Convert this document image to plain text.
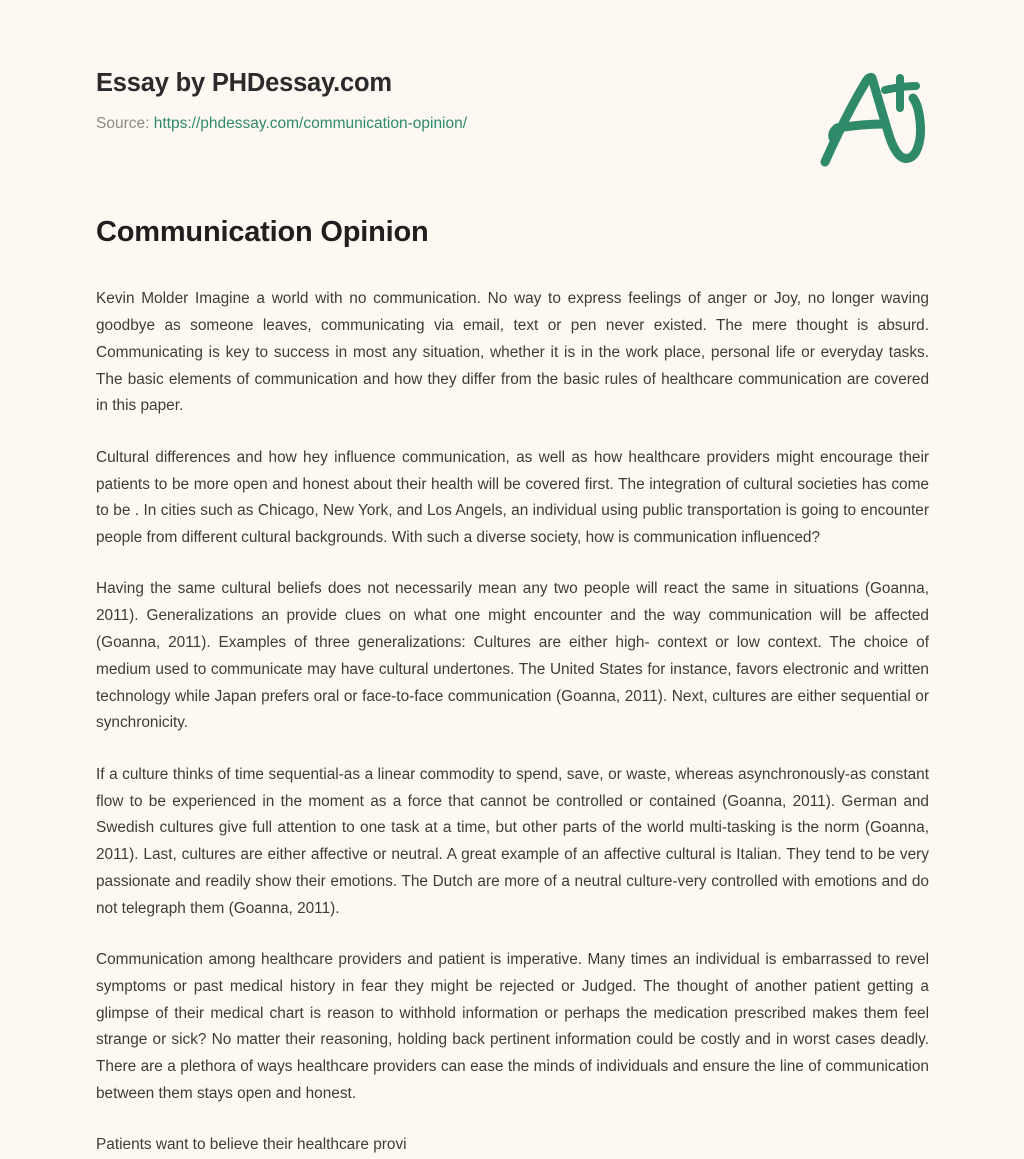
Essay by PHDessay.com
Source: https://phdessay.com/communication-opinion/
Communication Opinion

Kevin Molder Imagine a world with no communication. No way to express feelings of anger or Joy, no longer waving goodbye as someone leaves, communicating via email, text or pen never existed. The mere thought is absurd. Communicating is key to success in most any situation, whether it is in the work place, personal life or everyday tasks. The basic elements of communication and how they differ from the basic rules of healthcare communication are covered in this paper.

Cultural differences and how hey influence communication, as well as how healthcare providers might encourage their patients to be more open and honest about their health will be covered first. The integration of cultural societies has come to be . In cities such as Chicago, New York, and Los Angels, an individual using public transportation is going to encounter people from different cultural backgrounds. With such a diverse society, how is communication influenced?

Having the same cultural beliefs does not necessarily mean any two people will react the same in situations (Goanna, 2011). Generalizations an provide clues on what one might encounter and the way communication will be affected (Goanna, 2011). Examples of three generalizations: Cultures are either high- context or low context. The choice of medium used to communicate may have cultural undertones. The United States for instance, favors electronic and written technology while Japan prefers oral or face-to-face communication (Goanna, 2011). Next, cultures are either sequential or synchronicity.

If a culture thinks of time sequential-as a linear commodity to spend, save, or waste, whereas asynchronously-as constant flow to be experienced in the moment as a force that cannot be controlled or contained (Goanna, 2011). German and Swedish cultures give full attention to one task at a time, but other parts of the world multi-tasking is the norm (Goanna, 2011). Last, cultures are either affective or neutral. A great example of an affective cultural is Italian. They tend to be very passionate and readily show their emotions. The Dutch are more of a neutral culture-very controlled with emotions and do not telegraph them (Goanna, 2011).

Communication among healthcare providers and patient is imperative. Many times an individual is embarrassed to revel symptoms or past medical history in fear they might be rejected or Judged. The thought of another patient getting a glimpse of their medical chart is reason to withhold information or perhaps the medication prescribed makes them feel strange or sick? No matter their reasoning, holding back pertinent information could be costly and in worst cases deadly. There are a plethora of ways healthcare providers can ease the minds of individuals and ensure the line of communication between them stays open and honest.

Patients want to believe their healthcare provi
